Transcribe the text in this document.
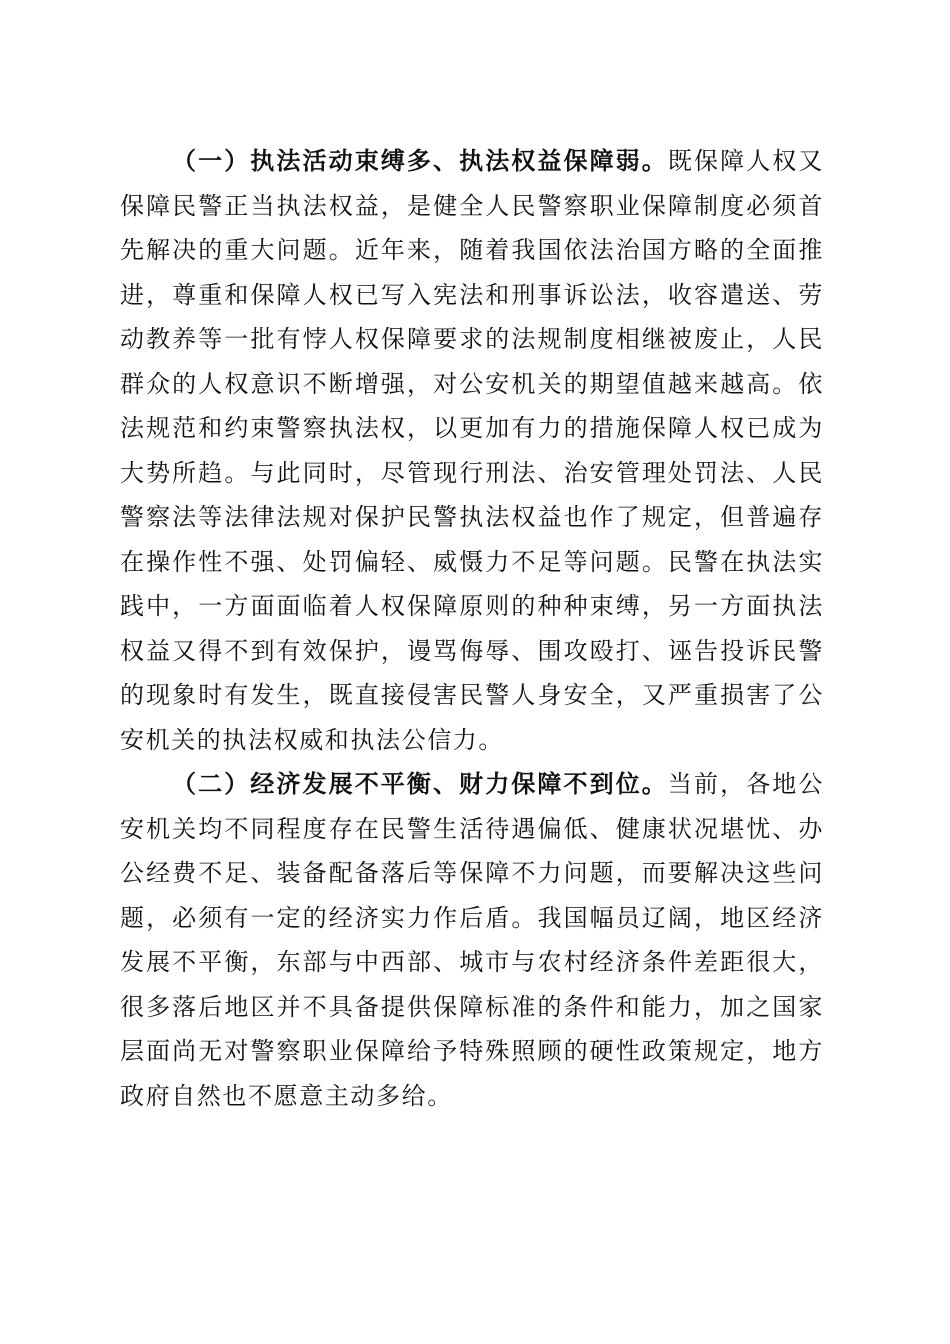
（一）执法活动束缚多、执法权益保障弱。既保障人权又保障民警正当执法权益，是健全人民警察职业保障制度必须首先解决的重大问题。近年来，随着我国依法治国方略的全面推进，尊重和保障人权已写入宪法和刑事诉讼法，收容遣送、劳动教养等一批有悖人权保障要求的法规制度相继被废止，人民群众的人权意识不断增强，对公安机关的期望值越来越高。依法规范和约束警察执法权，以更加有力的措施保障人权已成为大势所趋。与此同时，尽管现行刑法、治安管理处罚法、人民警察法等法律法规对保护民警执法权益也作了规定，但普遍存在操作性不强、处罚偏轻、威慑力不足等问题。民警在执法实践中，一方面面临着人权保障原则的种种束缚，另一方面执法权益又得不到有效保护，谩骂侮辱、围攻殴打、诬告投诉民警的现象时有发生，既直接侵害民警人身安全，又严重损害了公安机关的执法权威和执法公信力。

（二）经济发展不平衡、财力保障不到位。当前，各地公安机关均不同程度存在民警生活待遇偏低、健康状况堪忧、办公经费不足、装备配备落后等保障不力问题，而要解决这些问题，必须有一定的经济实力作后盾。我国幅员辽阔，地区经济发展不平衡，东部与中西部、城市与农村经济条件差距很大，很多落后地区并不具备提供保障标准的条件和能力，加之国家层面尚无对警察职业保障给予特殊照顾的硬性政策规定，地方政府自然也不愿意主动多给。
